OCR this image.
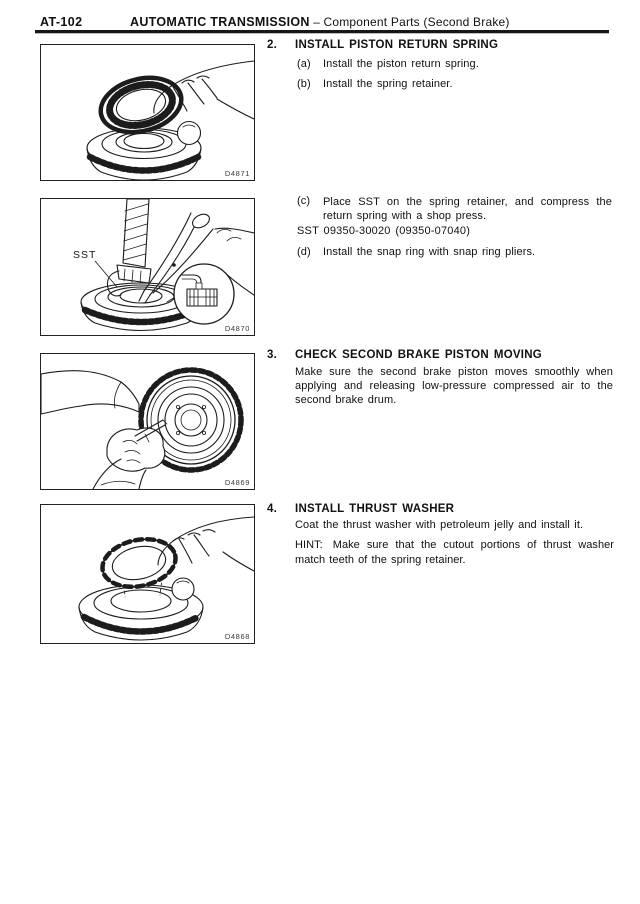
AT-102	AUTOMATIC TRANSMISSION – Component Parts (Second Brake)
D4871
SST
D4870
D4869
D4868
2. INSTALL PISTON RETURN SPRING
(a)	Install the piston return spring.
(b)	Install the spring retainer.
(c)	Place SST on the spring retainer, and compress the return spring with a shop press.
SST 09350-30020 (09350-07040)
(d)	Install the snap ring with snap ring pliers.
3. CHECK SECOND BRAKE PISTON MOVING
Make sure the second brake piston moves smoothly when applying and releasing low-pressure compressed air to the second brake drum.
4. INSTALL THRUST WASHER
Coat the thrust washer with petroleum jelly and install it.
HINT: Make sure that the cutout portions of thrust washer match teeth of the spring retainer.
